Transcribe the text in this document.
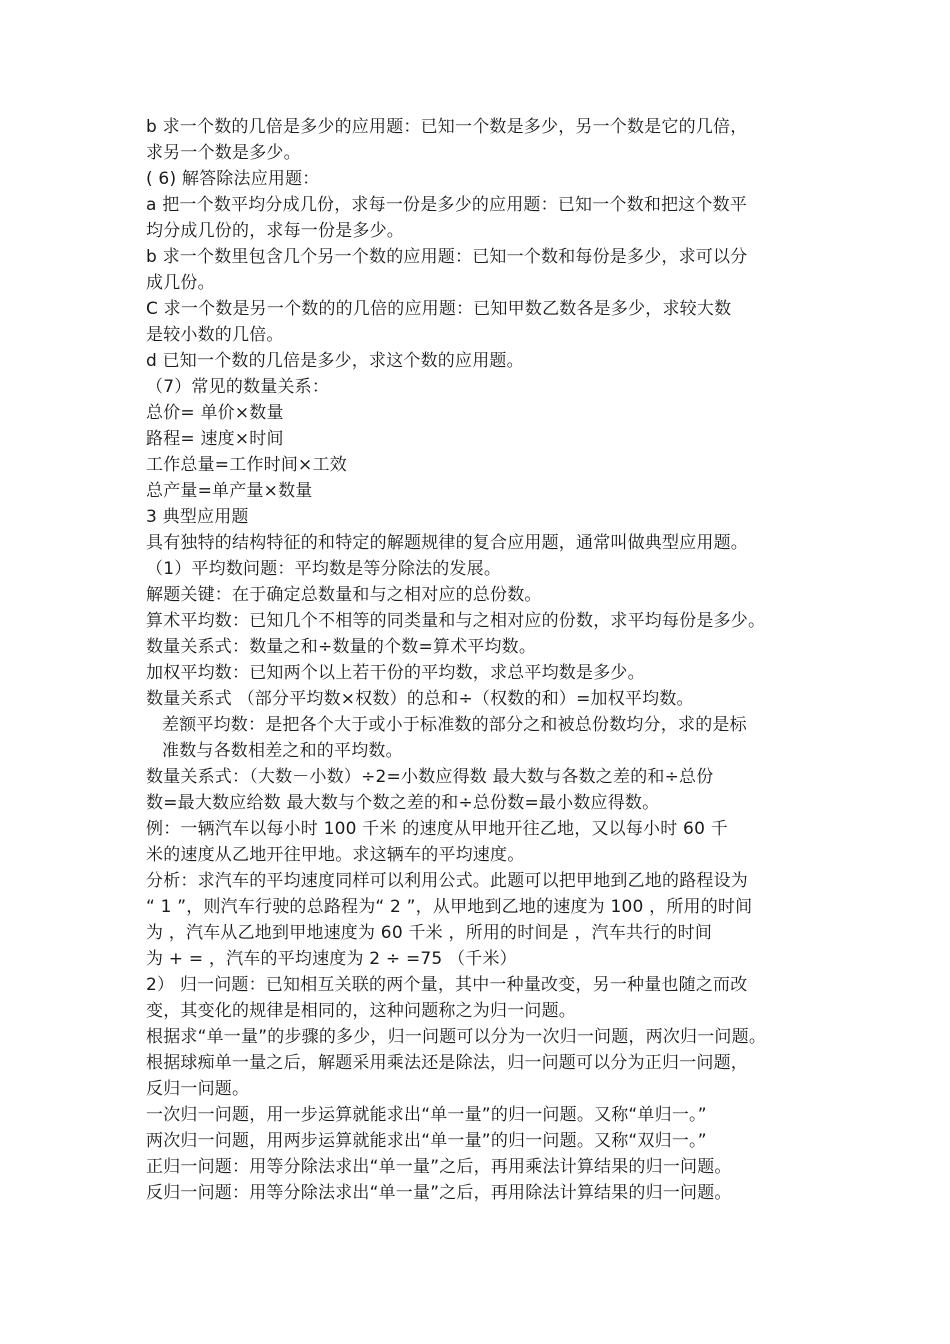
b 求一个数的几倍是多少的应用题：已知一个数是多少，另一个数是它的几倍，
求另一个数是多少。
( 6) 解答除法应用题：
a 把一个数平均分成几份，求每一份是多少的应用题：已知一个数和把这个数平
均分成几份的，求每一份是多少。
b 求一个数里包含几个另一个数的应用题：已知一个数和每份是多少，求可以分
成几份。
C 求一个数是另一个数的的几倍的应用题：已知甲数乙数各是多少，求较大数
是较小数的几倍。
d 已知一个数的几倍是多少，求这个数的应用题。
（7）常见的数量关系：
总价= 单价×数量
路程= 速度×时间
工作总量=工作时间×工效
总产量=单产量×数量
3 典型应用题
具有独特的结构特征的和特定的解题规律的复合应用题，通常叫做典型应用题。
（1）平均数问题：平均数是等分除法的发展。
解题关键：在于确定总数量和与之相对应的总份数。
算术平均数：已知几个不相等的同类量和与之相对应的份数，求平均每份是多少。
数量关系式：数量之和÷数量的个数=算术平均数。
加权平均数：已知两个以上若干份的平均数，求总平均数是多少。
数量关系式 （部分平均数×权数）的总和÷（权数的和）=加权平均数。
差额平均数：是把各个大于或小于标准数的部分之和被总份数均分，求的是标
准数与各数相差之和的平均数。
数量关系式：（大数－小数）÷2=小数应得数 最大数与各数之差的和÷总份
数=最大数应给数 最大数与个数之差的和÷总份数=最小数应得数。
例：一辆汽车以每小时 100 千米 的速度从甲地开往乙地，又以每小时 60 千
米的速度从乙地开往甲地。求这辆车的平均速度。
分析：求汽车的平均速度同样可以利用公式。此题可以把甲地到乙地的路程设为
“ 1 ”，则汽车行驶的总路程为“ 2 ”，从甲地到乙地的速度为 100 ，所用的时间
为 ，汽车从乙地到甲地速度为 60 千米 ，所用的时间是 ，汽车共行的时间
为 + = ，汽车的平均速度为 2 ÷ =75 （千米）
2） 归一问题：已知相互关联的两个量，其中一种量改变，另一种量也随之而改
变，其变化的规律是相同的，这种问题称之为归一问题。
根据求“单一量”的步骤的多少，归一问题可以分为一次归一问题，两次归一问题。
根据球痴单一量之后，解题采用乘法还是除法，归一问题可以分为正归一问题，
反归一问题。
一次归一问题，用一步运算就能求出“单一量”的归一问题。又称“单归一。”
两次归一问题，用两步运算就能求出“单一量”的归一问题。又称“双归一。”
正归一问题：用等分除法求出“单一量”之后，再用乘法计算结果的归一问题。
反归一问题：用等分除法求出“单一量”之后，再用除法计算结果的归一问题。
